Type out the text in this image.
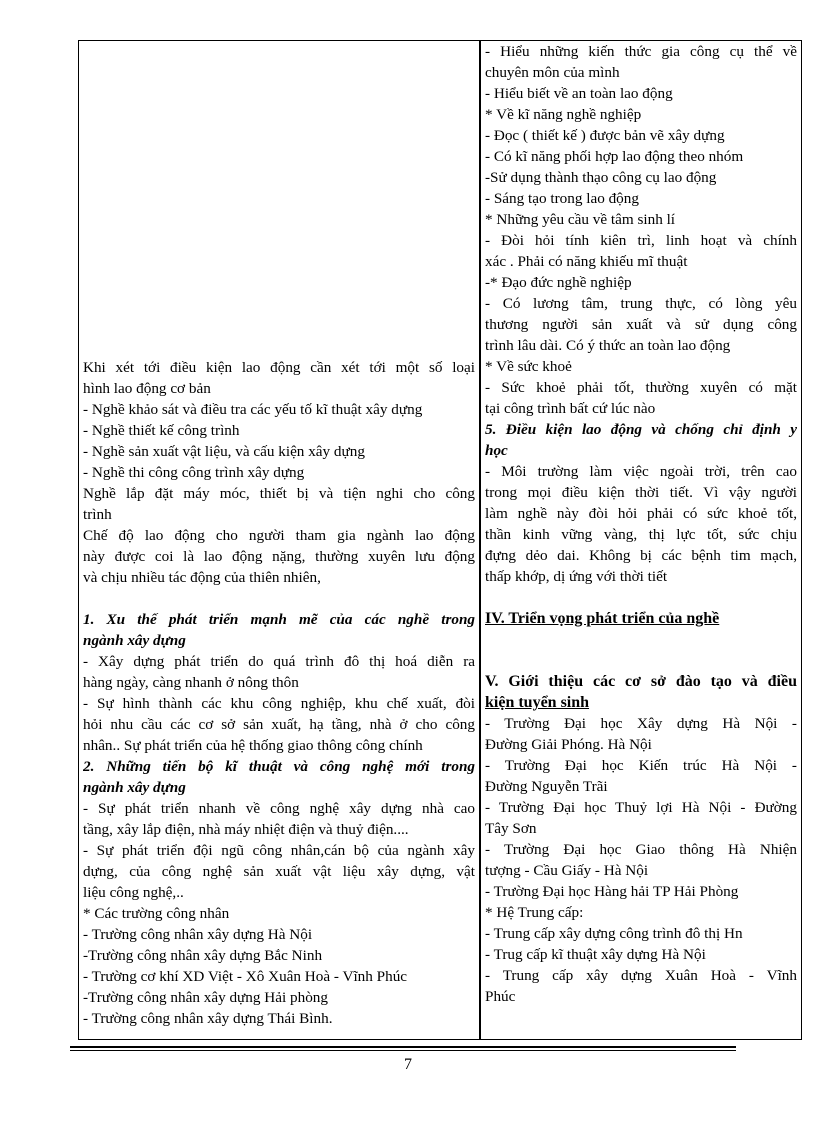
Khi xét tới điều kiện lao động cần xét tới một số loại
hình lao động cơ bản
- Nghề khảo sát và điều tra các yếu tố kĩ thuật xây dựng
- Nghề thiết kế công trình
- Nghề sản xuất vật liệu, và cấu kiện xây dựng
- Nghề thi công công trình xây dựng
Nghề lắp đặt máy móc, thiết bị và tiện nghi cho công
trình
Chế độ lao động cho người tham gia ngành lao động
này được coi là lao động nặng, thường xuyên lưu động
và chịu nhiều tác động của thiên nhiên,
1. Xu thế phát triển mạnh mẽ của các nghề trong
ngành xây dựng
- Xây dựng phát triển do quá trình đô thị hoá diễn ra
hàng ngày, càng nhanh ở nông thôn
- Sự hình thành các khu công nghiệp, khu chế xuất, đòi
hỏi nhu cầu các cơ sở sản xuất, hạ tầng, nhà ở cho công
nhân.. Sự phát triển của hệ thống giao thông công chính
2. Những tiến bộ kĩ thuật và công nghệ mới trong
ngành xây dựng
- Sự phát triển nhanh về công nghệ xây dựng nhà cao
tầng, xây lắp điện, nhà máy nhiệt điện và thuỷ điện....
- Sự phát triển đội ngũ công nhân,cán bộ của ngành xây
dựng, của công nghệ sản xuất vật liệu xây dựng, vật
liệu công nghệ,..
* Các trường công nhân
- Trường công nhân xây dựng Hà Nội
-Trường công nhân xây dựng Bắc Ninh
- Trường cơ khí XD Việt - Xô Xuân Hoà - Vĩnh Phúc
-Trường công nhân xây dựng Hải phòng
- Trường công nhân xây dựng Thái Bình.
- Hiểu những kiến thức gia công cụ thể về
chuyên môn của mình
- Hiểu biết về an toàn lao động
* Về kĩ năng nghề nghiệp
- Đọc ( thiết kế ) được bản vẽ xây dựng
- Có kĩ năng phối hợp lao động theo nhóm
-Sử dụng thành thạo công cụ lao động
- Sáng tạo trong lao động
* Những yêu cầu về tâm sinh lí
- Đòi hỏi tính kiên trì, linh hoạt và chính
xác . Phải có năng khiếu mĩ thuật
-* Đạo đức nghề nghiệp
- Có lương tâm, trung thực, có lòng yêu
thương người sản xuất và sử dụng công
trình lâu dài. Có ý thức an toàn lao động
* Về sức khoẻ
- Sức khoẻ phải tốt, thường xuyên có mặt
tại công trình bất cứ lúc nào
5. Điều kiện lao động và chống chỉ định y
học
- Môi trường làm việc ngoài trời, trên cao
trong mọi điều kiện thời tiết. Vì vậy người
làm nghề này đòi hỏi phải có sức khoẻ tốt,
thần kinh vững vàng, thị lực tốt, sức chịu
đựng dẻo dai. Không bị các bệnh tim mạch,
thấp khớp, dị ứng với thời tiết
IV. Triển vọng phát triển của nghề
V. Giới thiệu các cơ sở đào tạo và điều
kiện tuyển sinh
- Trường Đại học Xây dựng Hà Nội -
Đường Giải Phóng. Hà Nội
- Trường Đại học Kiến trúc Hà Nội -
Đường Nguyễn Trãi
- Trường Đại học Thuỷ lợi Hà Nội - Đường
Tây Sơn
- Trường Đại học Giao thông Hà Nhiện
tượng - Cầu Giấy - Hà Nội
- Trường Đại học Hàng hải TP Hải Phòng
* Hệ Trung cấp:
- Trung cấp xây dựng công trình đô thị Hn
- Trug cấp kĩ thuật xây dựng Hà Nội
- Trung cấp xây dựng Xuân Hoà - Vĩnh
Phúc
7
